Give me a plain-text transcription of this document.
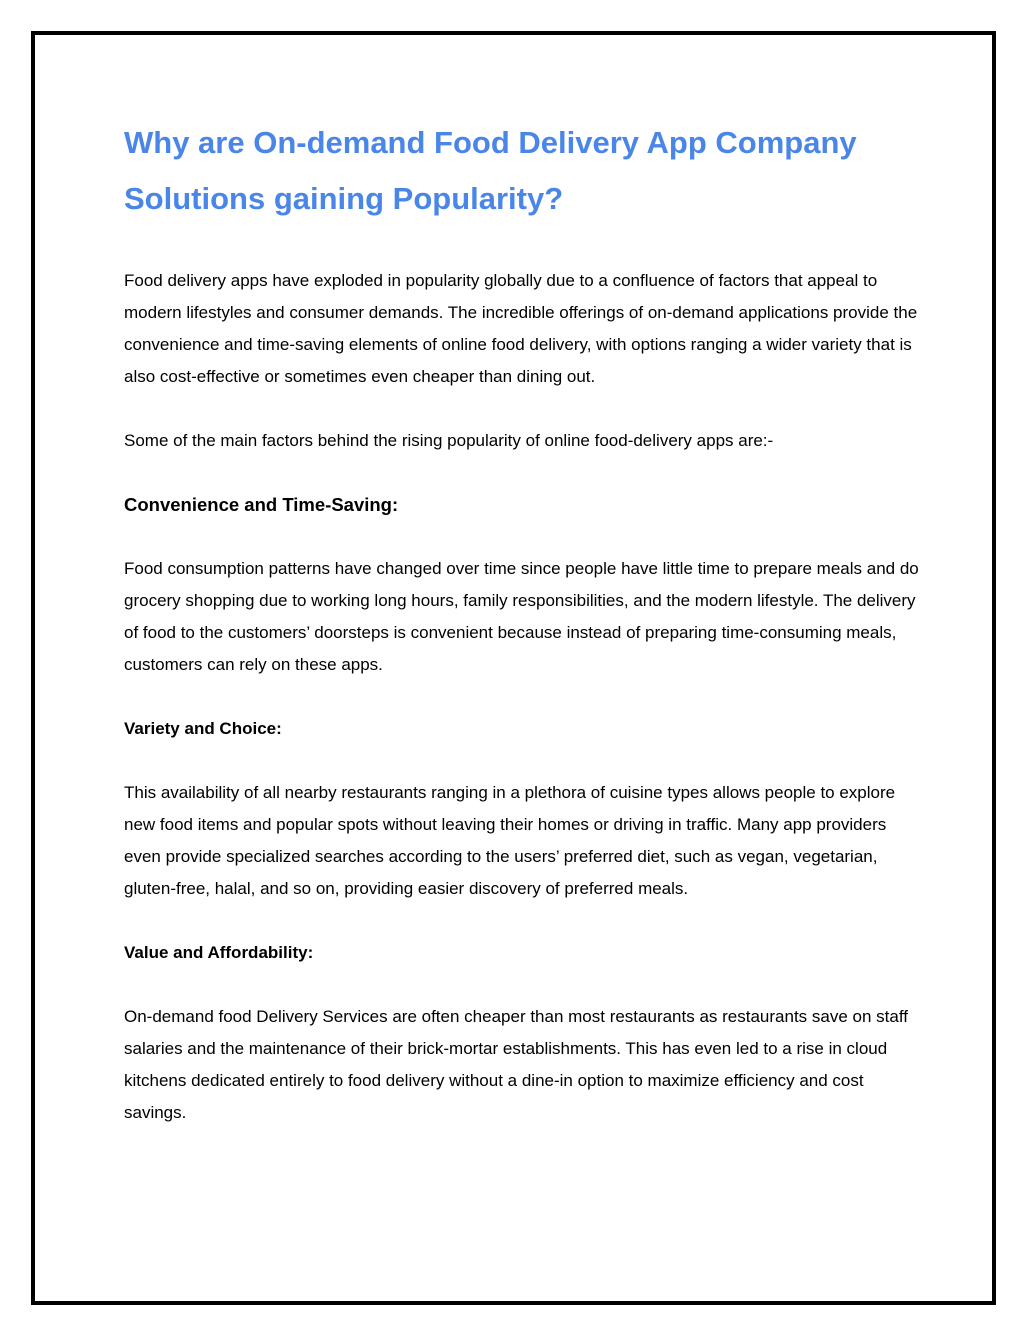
Why are On-demand Food Delivery App Company Solutions gaining Popularity?

Food delivery apps have exploded in popularity globally due to a confluence of factors that appeal to modern lifestyles and consumer demands. The incredible offerings of on-demand applications provide the convenience and time-saving elements of online food delivery, with options ranging a wider variety that is also cost-effective or sometimes even cheaper than dining out.

Some of the main factors behind the rising popularity of online food-delivery apps are:-

Convenience and Time-Saving:

Food consumption patterns have changed over time since people have little time to prepare meals and do grocery shopping due to working long hours, family responsibilities, and the modern lifestyle. The delivery of food to the customers’ doorsteps is convenient because instead of preparing time-consuming meals, customers can rely on these apps.

Variety and Choice:

This availability of all nearby restaurants ranging in a plethora of cuisine types allows people to explore new food items and popular spots without leaving their homes or driving in traffic. Many app providers even provide specialized searches according to the users’ preferred diet, such as vegan, vegetarian, gluten-free, halal, and so on, providing easier discovery of preferred meals.

Value and Affordability:

On-demand food Delivery Services are often cheaper than most restaurants as restaurants save on staff salaries and the maintenance of their brick-mortar establishments. This has even led to a rise in cloud kitchens dedicated entirely to food delivery without a dine-in option to maximize efficiency and cost savings.
